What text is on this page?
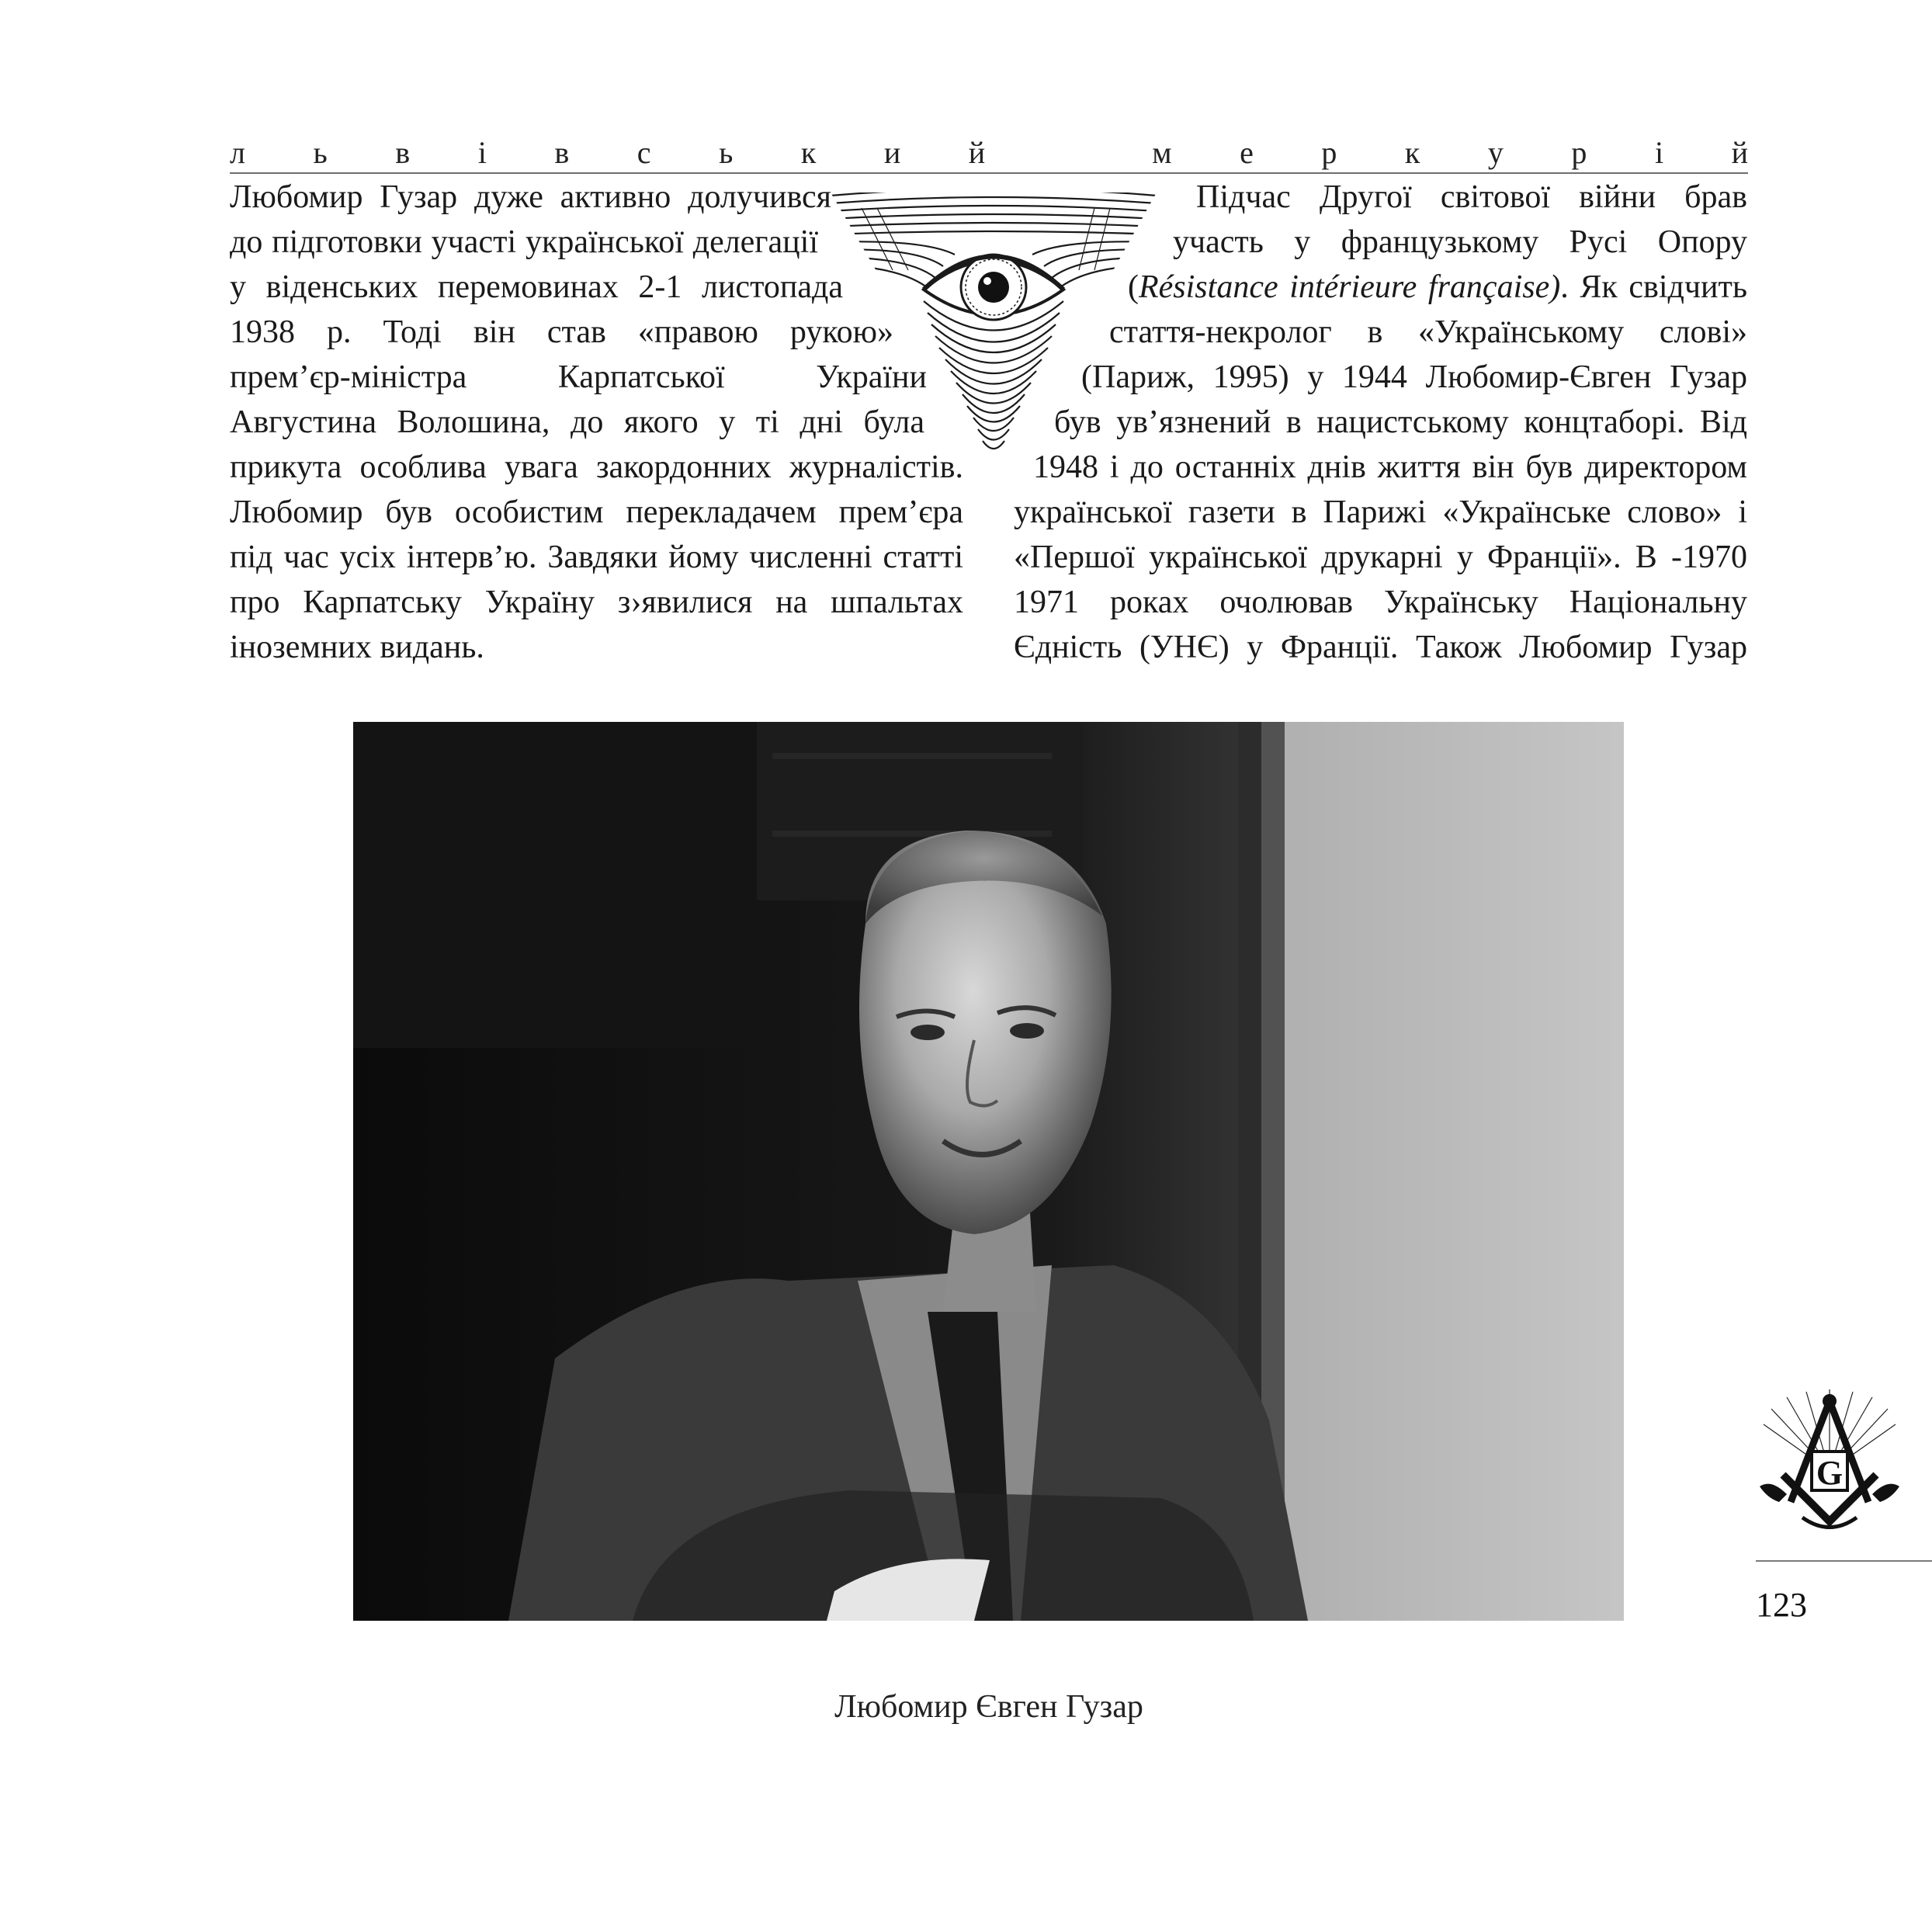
л ь в і в с ь к и й	м е р к у р і й

Любомир Гузар дуже активно долучився

до підготовки участі української делегації

у віденських перемовинах 2-1 листопада

1938 р. Тоді він став «правою рукою»

прем’єр-міністра Карпатської України

Августина Волошина, до якого у ті дні була

прикута особлива увага закордонних журналістів.

Любомир був особистим перекладачем прем’єра

під час усіх інтерв’ю. Завдяки йому численні статті

про Карпатську Україну з›явилися на шпальтах

іноземних видань.

Підчас Другої світової війни брав

участь у французькому Русі Опору

(Résistance intérieure française). Як свідчить

стаття-некролог в «Українському слові»

(Париж, 1995) у 1944 Любомир-Євген Гузар

був ув’язнений в нацистському концтаборі. Від

1948 і до останніх днів життя він був директором

української газети в Парижі «Українське слово» і

«Першої української друкарні у Франції». В -1970

1971 роках очолював Українську Національну

Єдність (УНЄ) у Франції. Також Любомир Гузар

Любомир Євген Гузар
G
123
